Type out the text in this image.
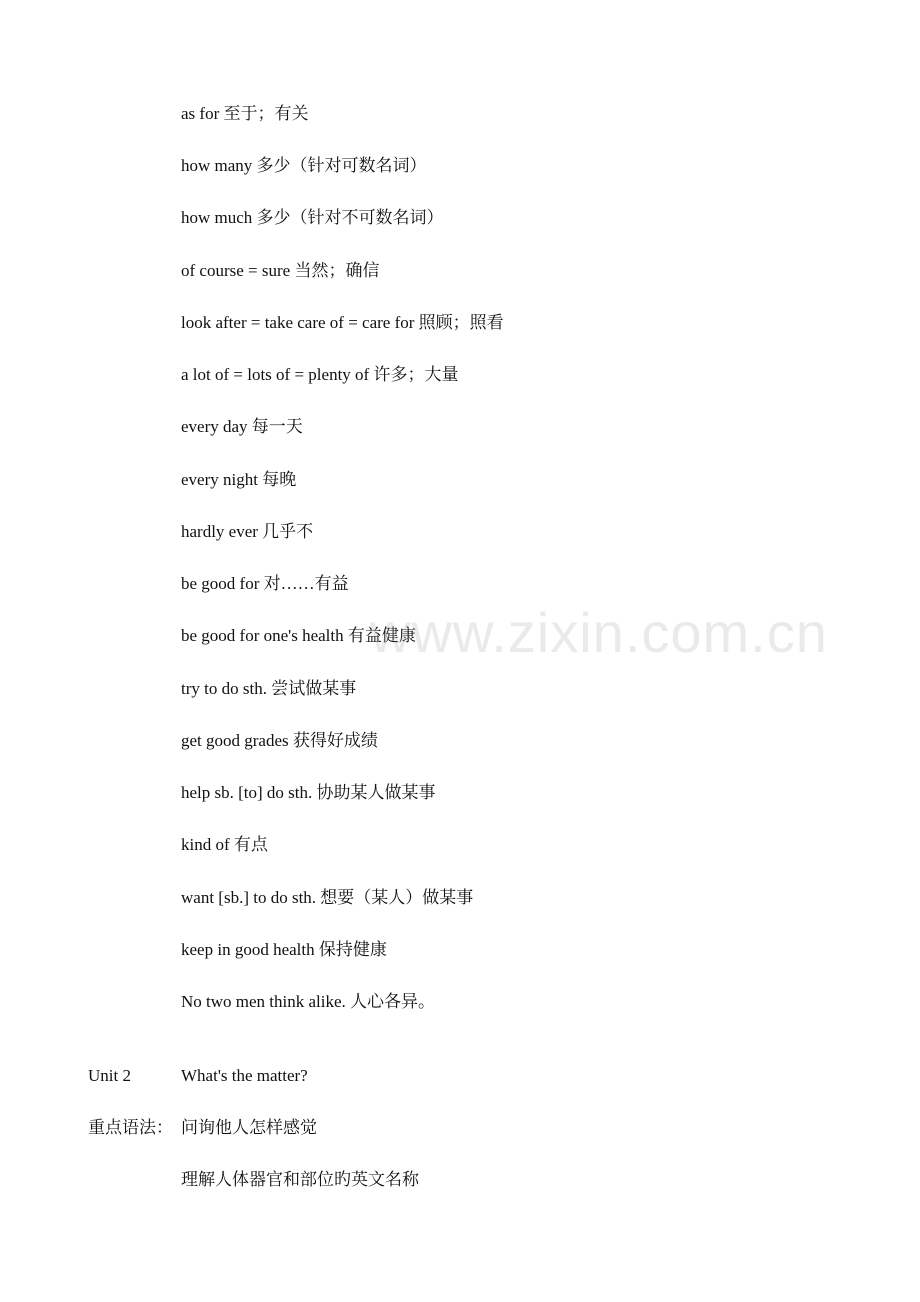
as for 至于；有关
how many 多少（针对可数名词）
how much 多少（针对不可数名词）
of course = sure 当然；确信
look after = take care of = care for 照顾；照看
a lot of = lots of = plenty of 许多；大量
every day 每一天
every night 每晚
hardly ever 几乎不
be good for 对……有益
be good for one's health 有益健康
try to do sth. 尝试做某事
get good grades 获得好成绩
help sb. [to] do sth. 协助某人做某事
kind of 有点
want [sb.] to do sth. 想要（某人）做某事
keep in good health 保持健康
No two men think alike. 人心各异。
Unit 2	What's the matter?
重点语法： 问询他人怎样感觉
理解人体器官和部位旳英文名称
www.zixin.com.cn
